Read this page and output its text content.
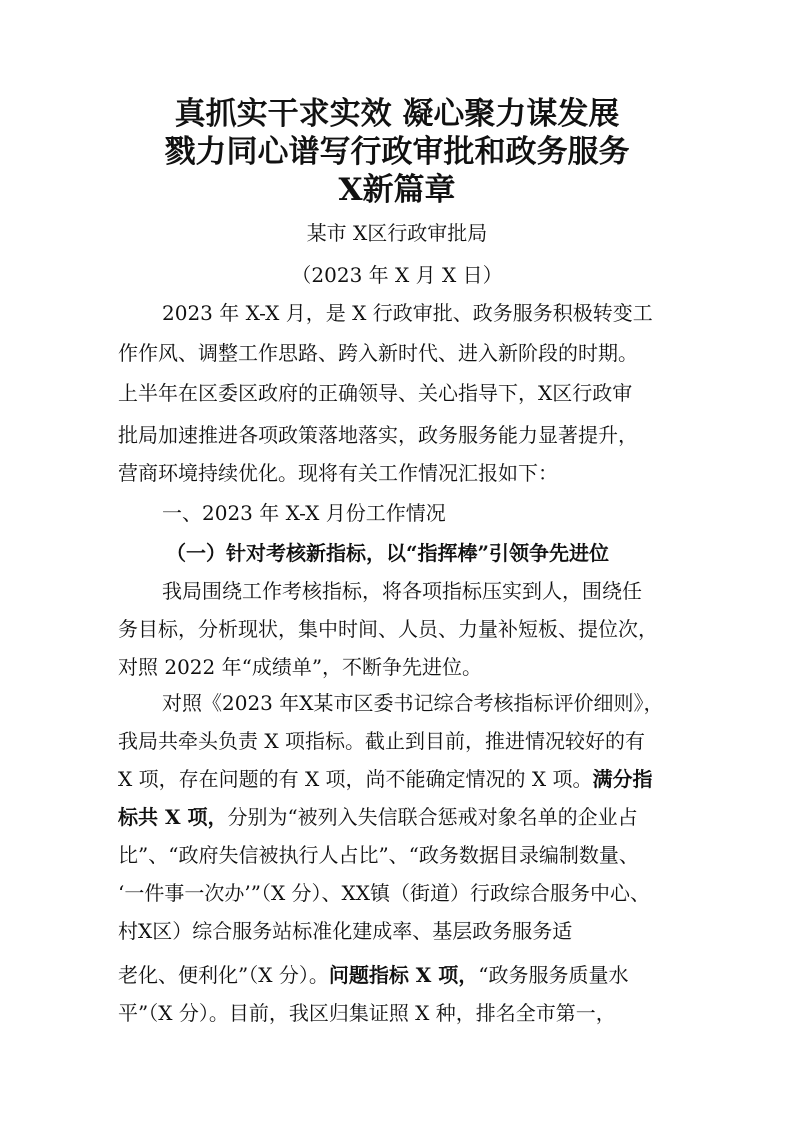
真抓实干求实效 凝心聚力谋发展
戮力同心谱写行政审批和政务服务
X新篇章
某市 X区行政审批局
（2023 年 X 月 X 日）
2023 年 X-X 月，是 X 行政审批、政务服务积极转变工
作作风、调整工作思路、跨入新时代、进入新阶段的时期。
上半年在区委区政府的正确领导、关心指导下，X区行政审
批局加速推进各项政策落地落实，政务服务能力显著提升，
营商环境持续优化。现将有关工作情况汇报如下：
一、2023 年 X-X 月份工作情况
（一）针对考核新指标，以“指挥棒”引领争先进位
我局围绕工作考核指标，将各项指标压实到人，围绕任
务目标，分析现状，集中时间、人员、力量补短板、提位次，
对照 2022 年“成绩单”，不断争先进位。
对照《2023 年X某市区委书记综合考核指标评价细则》，
我局共牵头负责 X 项指标。截止到目前，推进情况较好的有
X 项，存在问题的有 X 项，尚不能确定情况的 X 项。满分指
标共 X 项，分别为“被列入失信联合惩戒对象名单的企业占
比”、“政府失信被执行人占比”、“政务数据目录编制数量、
‘一件事一次办’”（X 分）、XX镇（街道）行政综合服务中心、
村X区）综合服务站标准化建成率、基层政务服务适
老化、便利化”（X 分）。问题指标 X 项，“政务服务质量水
平”（X 分）。目前，我区归集证照 X 种，排名全市第一，
